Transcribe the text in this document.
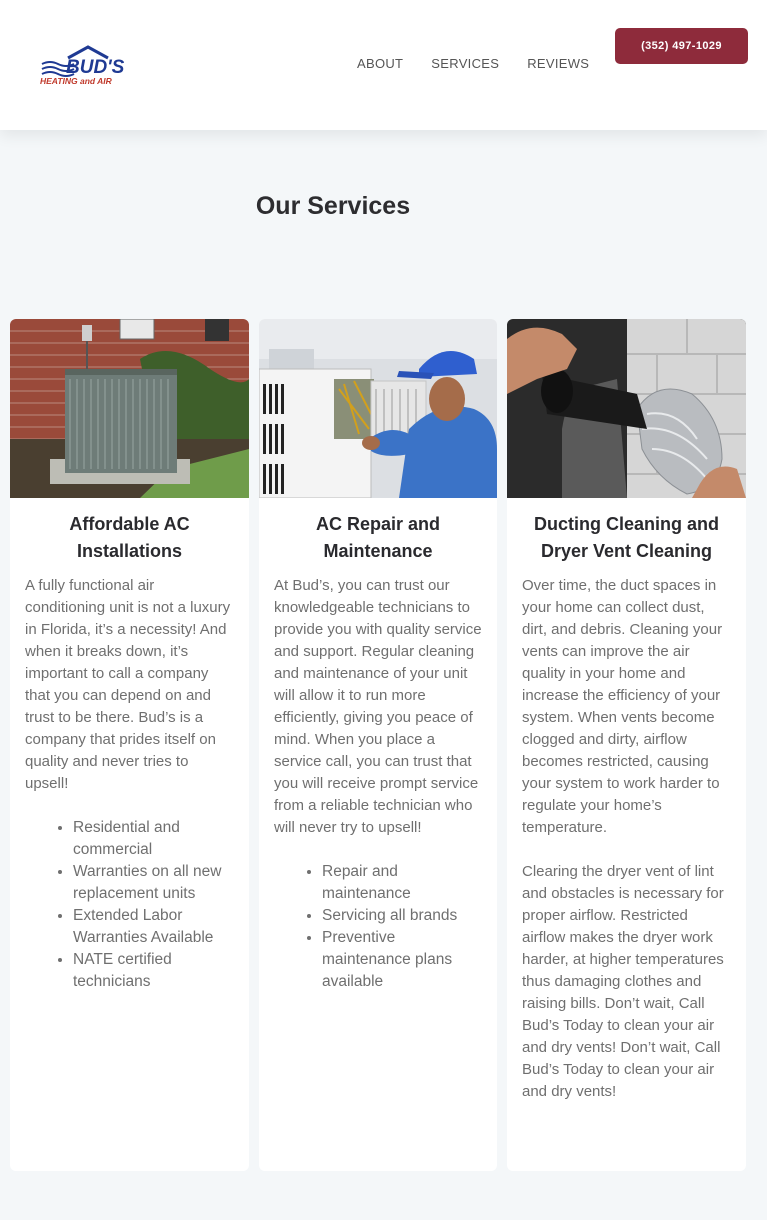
BUD'S
HEATING and AIR
ABOUT SERVICES REVIEWS
(352) 497-1029
Our Services
Affordable AC
Installations

A fully functional air conditioning unit is not a luxury in Florida, it’s a necessity! And when it breaks down, it’s important to call a company that you can depend on and trust to be there. Bud’s is a company that prides itself on quality and never tries to upsell!

• Residential and commercial
• Warranties on all new replacement units
• Extended Labor Warranties Available
• NATE certified technicians
AC Repair and
Maintenance

At Bud’s, you can trust our knowledgeable technicians to provide you with quality service and support. Regular cleaning and maintenance of your unit will allow it to run more efficiently, giving you peace of mind. When you place a service call, you can trust that you will receive prompt service from a reliable technician who will never try to upsell!

• Repair and maintenance
• Servicing all brands
• Preventive maintenance plans available
Ducting Cleaning and
Dryer Vent Cleaning

Over time, the duct spaces in your home can collect dust, dirt, and debris. Cleaning your vents can improve the air quality in your home and increase the efficiency of your system. When vents become clogged and dirty, airflow becomes restricted, causing your system to work harder to regulate your home’s temperature.

Clearing the dryer vent of lint and obstacles is necessary for proper airflow. Restricted airflow makes the dryer work harder, at higher temperatures thus damaging clothes and raising bills. Don’t wait, Call Bud’s Today to clean your air and dry vents! Don’t wait, Call Bud’s Today to clean your air and dry vents!
